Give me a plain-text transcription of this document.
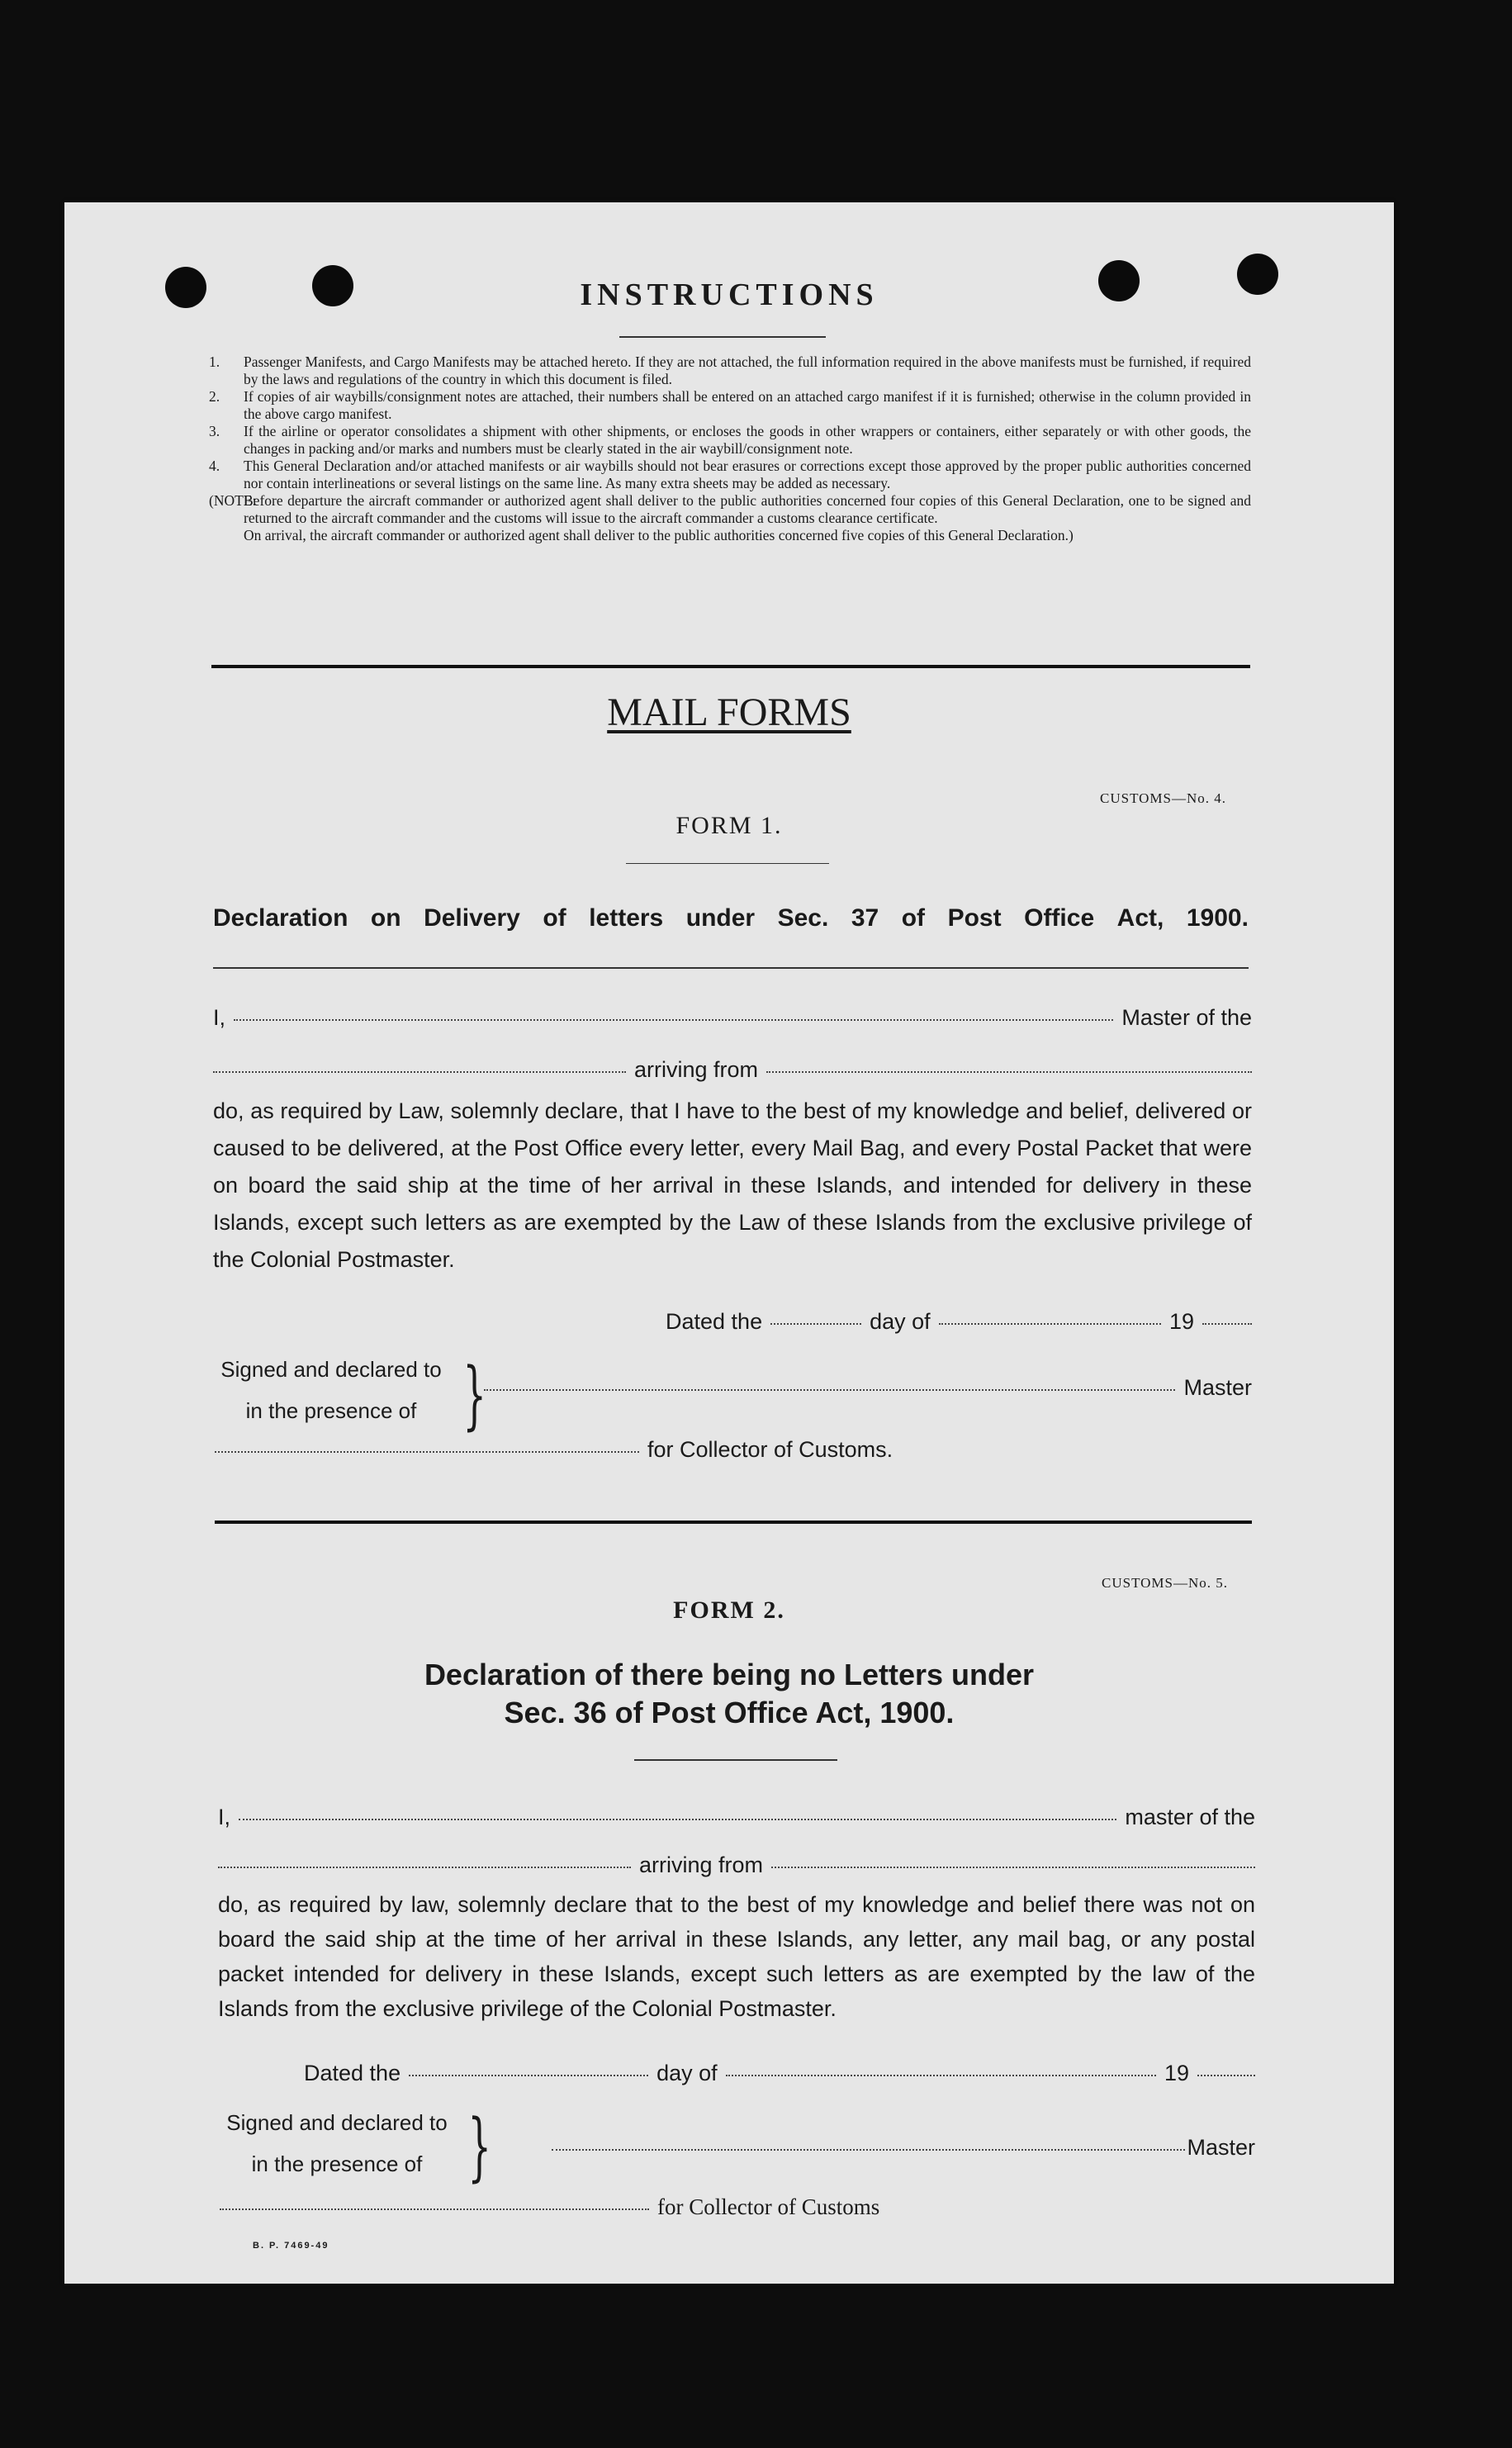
INSTRUCTIONS
1.	Passenger Manifests, and Cargo Manifests may be attached hereto. If they are not attached, the full information required in the above manifests must be furnished, if required by the laws and regulations of the country in which this document is filed.
2.	If copies of air waybills/consignment notes are attached, their numbers shall be entered on an attached cargo manifest if it is furnished; otherwise in the column provided in the above cargo manifest.
3.	If the airline or operator consolidates a shipment with other shipments, or encloses the goods in other wrappers or containers, either separately or with other goods, the changes in packing and/or marks and numbers must be clearly stated in the air waybill/consignment note.
4.	This General Declaration and/or attached manifests or air waybills should not bear erasures or corrections except those approved by the proper public authorities concerned nor contain interlineations or several listings on the same line. As many extra sheets may be added as necessary.
(NOTE:
Before departure the aircraft commander or authorized agent shall deliver to the public authorities concerned four copies of this General Declaration, one to be signed and returned to the aircraft commander and the customs will issue to the aircraft commander a customs clearance certificate.
On arrival, the aircraft commander or authorized agent shall deliver to the public authorities concerned five copies of this General Declaration.)
MAIL FORMS
CUSTOMS—No. 4.
FORM 1.
Declaration on Delivery of letters under Sec. 37 of Post Office Act, 1900.
I,	Master of the
arriving from
do, as required by Law, solemnly declare, that I have to the best of my knowledge and belief, delivered or caused to be delivered, at the Post Office every letter, every Mail Bag, and every Postal Packet that were on board the said ship at the time of her arrival in these Islands, and intended for delivery in these Islands, except such letters as are exempted by the Law of these Islands from the exclusive privilege of the Colonial Postmaster.
Dated the	day of	19
Signed and declared to
in the presence of }	Master
for Collector of Customs.
CUSTOMS—No. 5.
FORM 2.
Declaration of there being no Letters under
Sec. 36 of Post Office Act, 1900.
I,	master of the
arriving from
do, as required by law, solemnly declare that to the best of my knowledge and belief there was not on board the said ship at the time of her arrival in these Islands, any letter, any mail bag, or any postal packet intended for delivery in these Islands, except such letters as are exempted by the law of the Islands from the exclusive privilege of the Colonial Postmaster.
Dated the	day of	19
Signed and declared to
in the presence of }	Master
for Collector of Customs
B. P. 7469-49
